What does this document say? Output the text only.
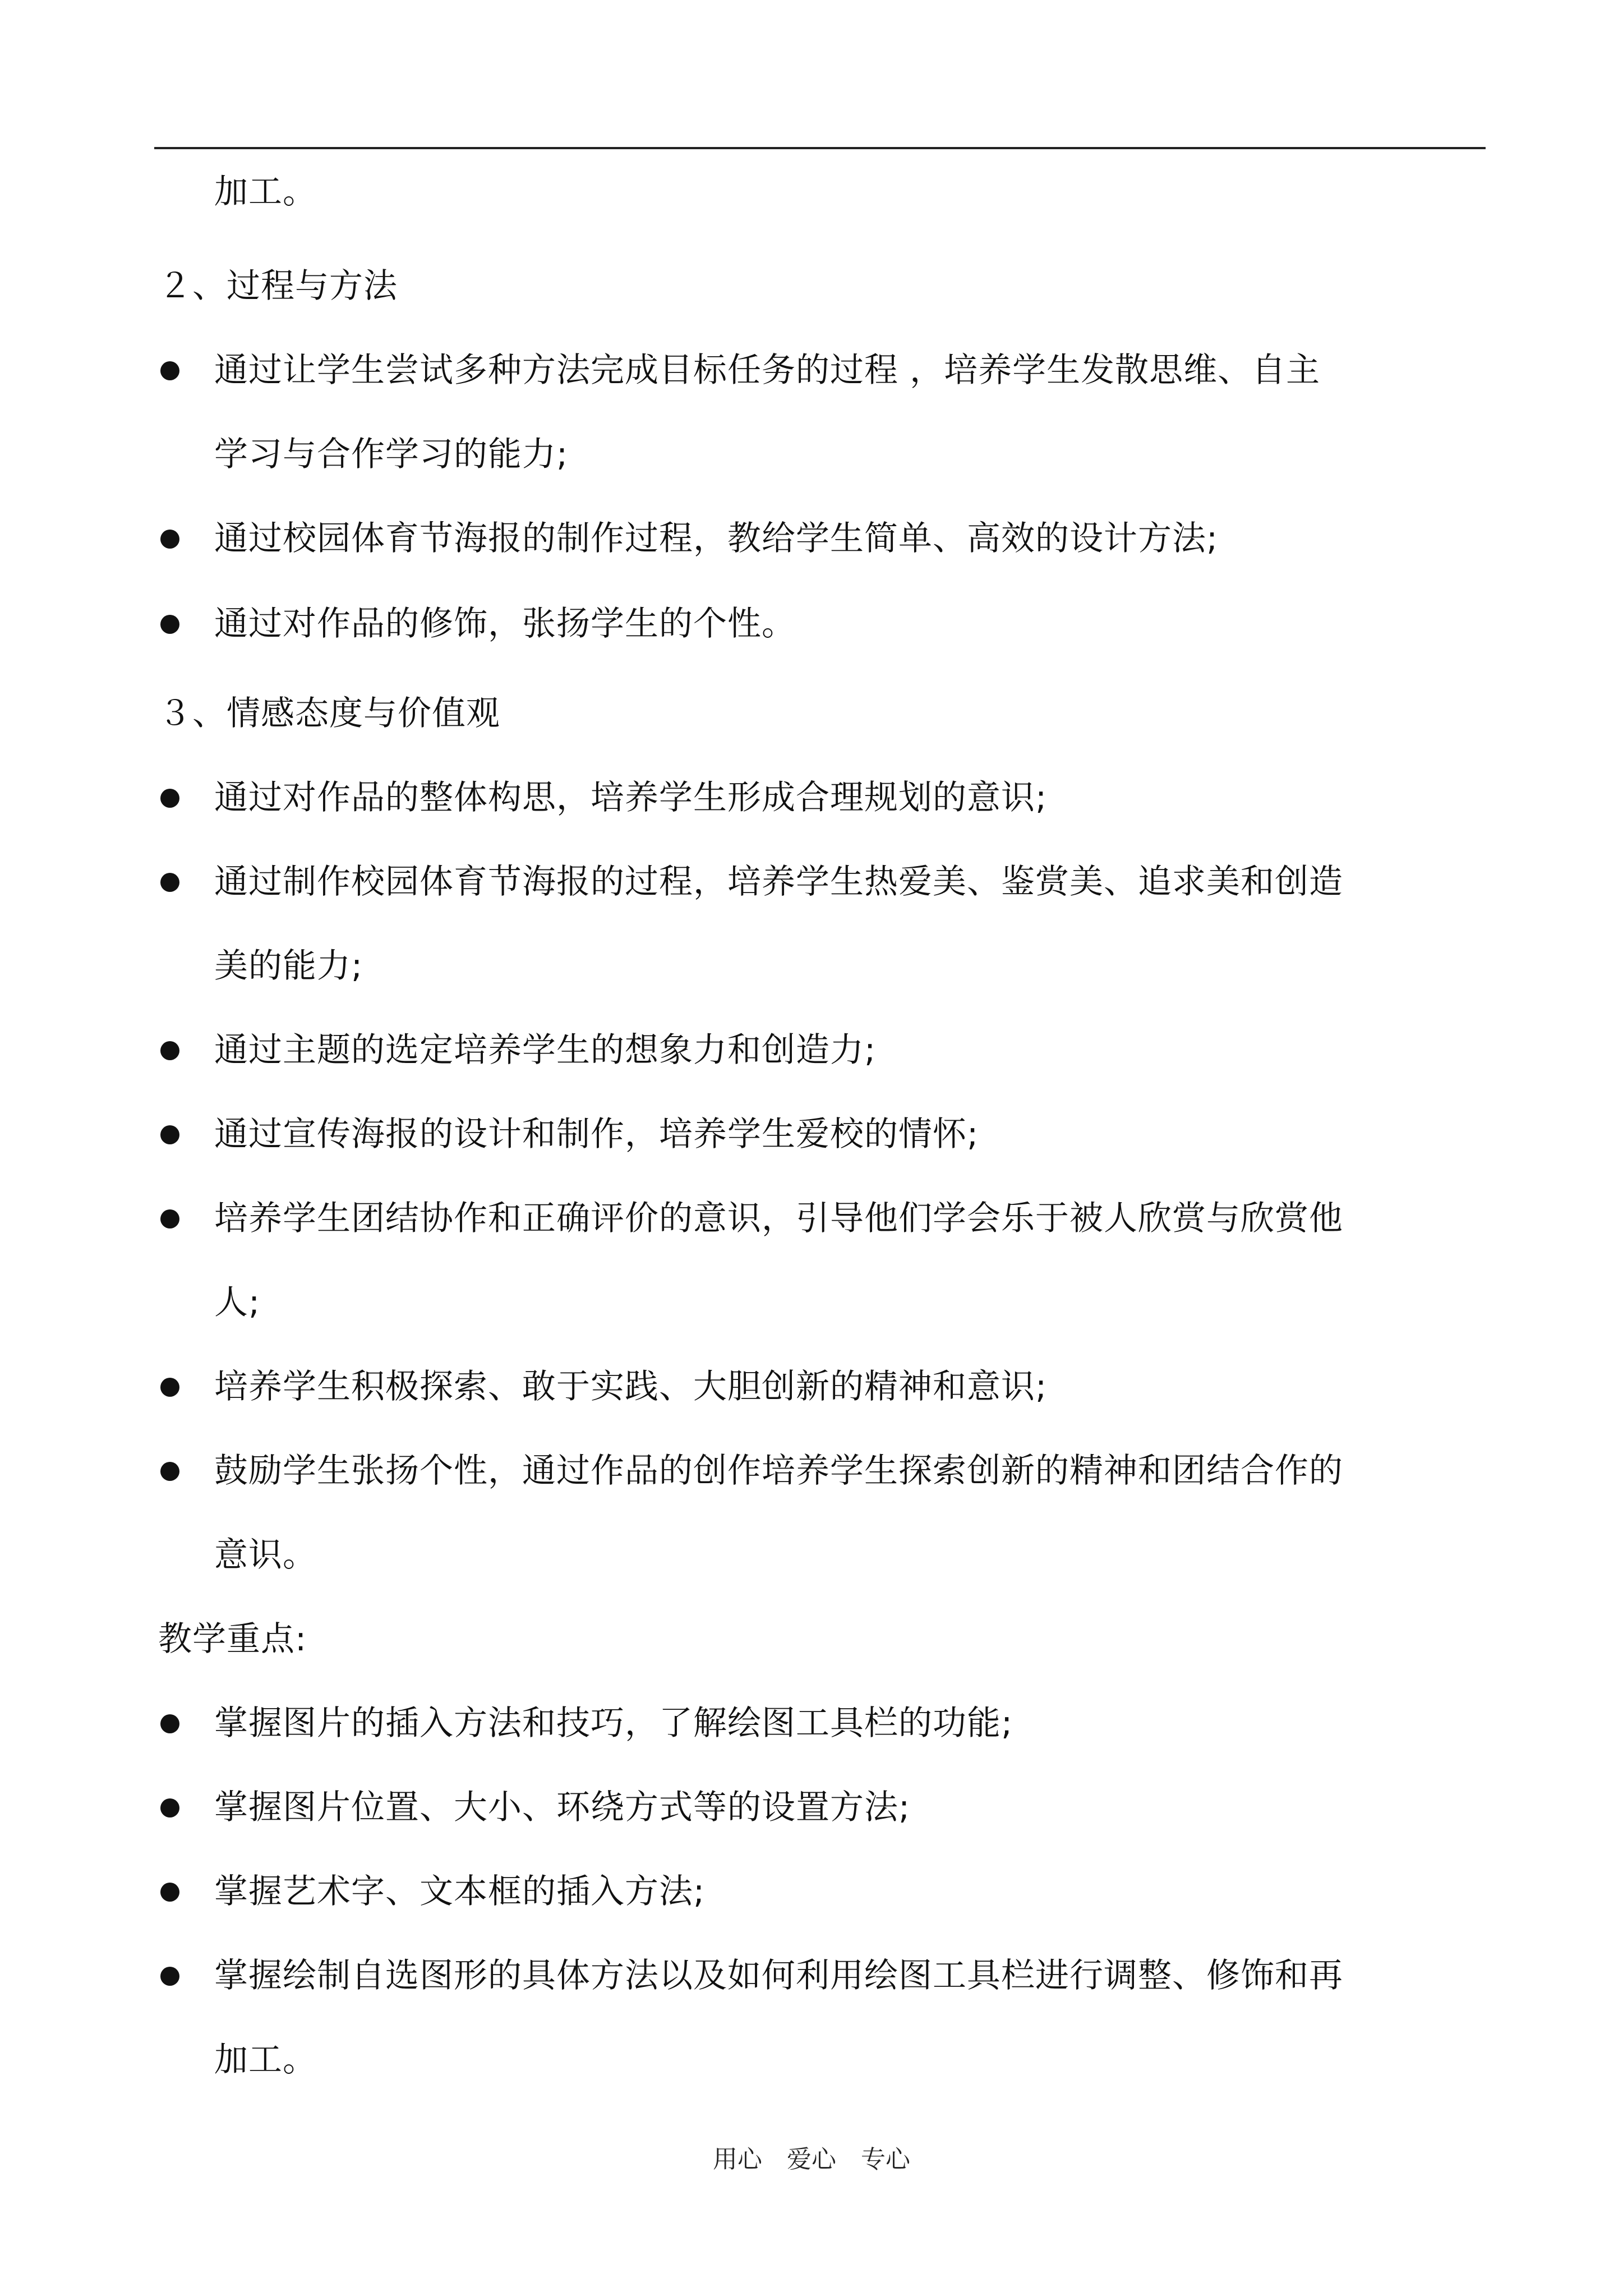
加工。
２、过程与方法
通过让学生尝试多种方法完成目标任务的过程 ，培养学生发散思维、自主
学习与合作学习的能力;
通过校园体育节海报的制作过程，教给学生简单、高效的设计方法;
通过对作品的修饰，张扬学生的个性。
３、情感态度与价值观
通过对作品的整体构思，培养学生形成合理规划的意识;
通过制作校园体育节海报的过程，培养学生热爱美、鉴赏美、追求美和创造
美的能力;
通过主题的选定培养学生的想象力和创造力;
通过宣传海报的设计和制作，培养学生爱校的情怀;
培养学生团结协作和正确评价的意识，引导他们学会乐于被人欣赏与欣赏他
人;
培养学生积极探索、敢于实践、大胆创新的精神和意识;
鼓励学生张扬个性，通过作品的创作培养学生探索创新的精神和团结合作的
意识。
教学重点:
掌握图片的插入方法和技巧，了解绘图工具栏的功能;
掌握图片位置、大小、环绕方式等的设置方法;
掌握艺术字、文本框的插入方法;
掌握绘制自选图形的具体方法以及如何利用绘图工具栏进行调整、修饰和再
加工。
用心 爱心 专心
